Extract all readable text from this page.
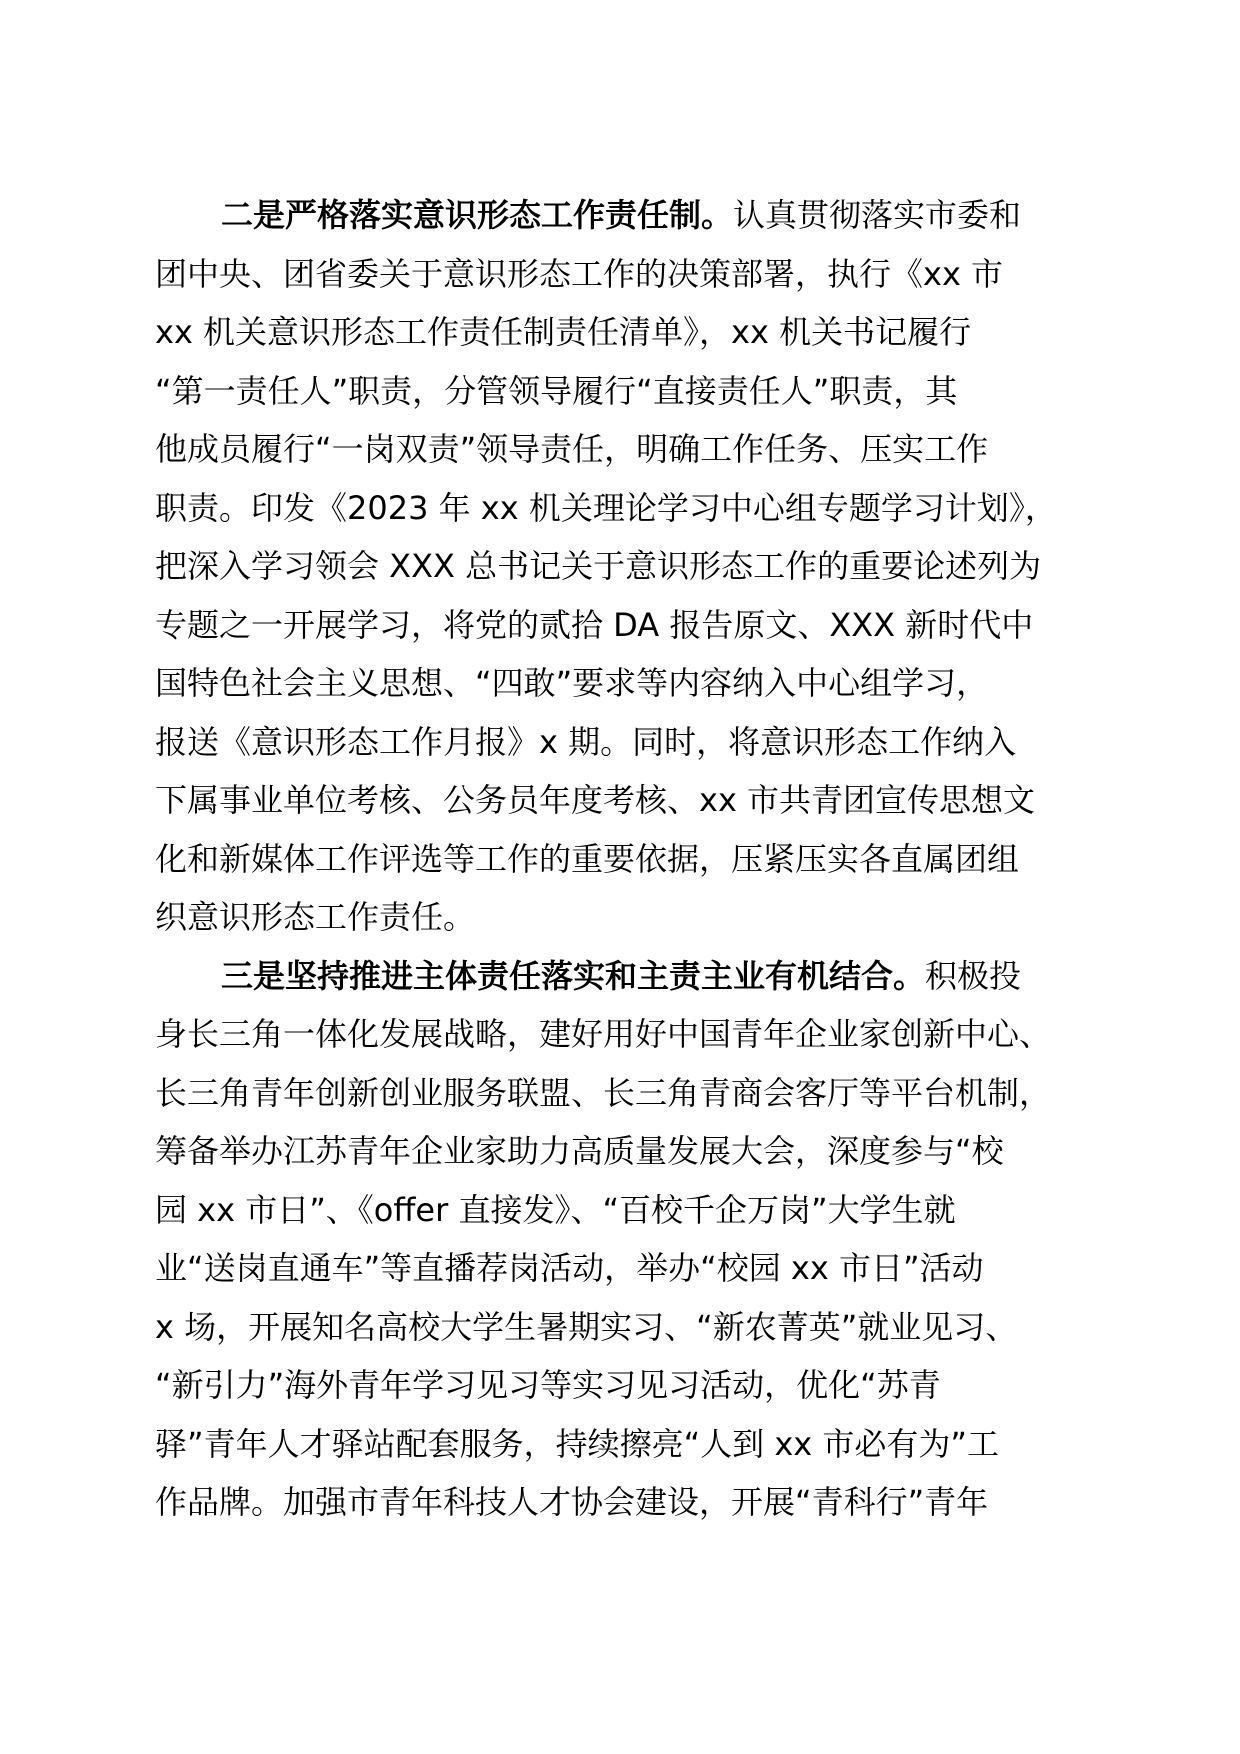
二是严格落实意识形态工作责任制。认真贯彻落实市委和
团中央、团省委关于意识形态工作的决策部署，执行《xx 市
xx 机关意识形态工作责任制责任清单》，xx 机关书记履行
“第一责任人”职责，分管领导履行“直接责任人”职责，其
他成员履行“一岗双责”领导责任，明确工作任务、压实工作
职责。印发《2023 年 xx 机关理论学习中心组专题学习计划》，
把深入学习领会 XXX 总书记关于意识形态工作的重要论述列为
专题之一开展学习，将党的贰拾 DA 报告原文、XXX 新时代中
国特色社会主义思想、“四敢”要求等内容纳入中心组学习，
报送《意识形态工作月报》x 期。同时，将意识形态工作纳入
下属事业单位考核、公务员年度考核、xx 市共青团宣传思想文
化和新媒体工作评选等工作的重要依据，压紧压实各直属团组
织意识形态工作责任。
三是坚持推进主体责任落实和主责主业有机结合。积极投
身长三角一体化发展战略，建好用好中国青年企业家创新中心、
长三角青年创新创业服务联盟、长三角青商会客厅等平台机制，
筹备举办江苏青年企业家助力高质量发展大会，深度参与“校
园 xx 市日”、《offer 直接发》、“百校千企万岗”大学生就
业“送岗直通车”等直播荐岗活动，举办“校园 xx 市日”活动
x 场，开展知名高校大学生暑期实习、“新农菁英”就业见习、
“新引力”海外青年学习见习等实习见习活动，优化“苏青
驿”青年人才驿站配套服务，持续擦亮“人到 xx 市必有为”工
作品牌。加强市青年科技人才协会建设，开展“青科行”青年
